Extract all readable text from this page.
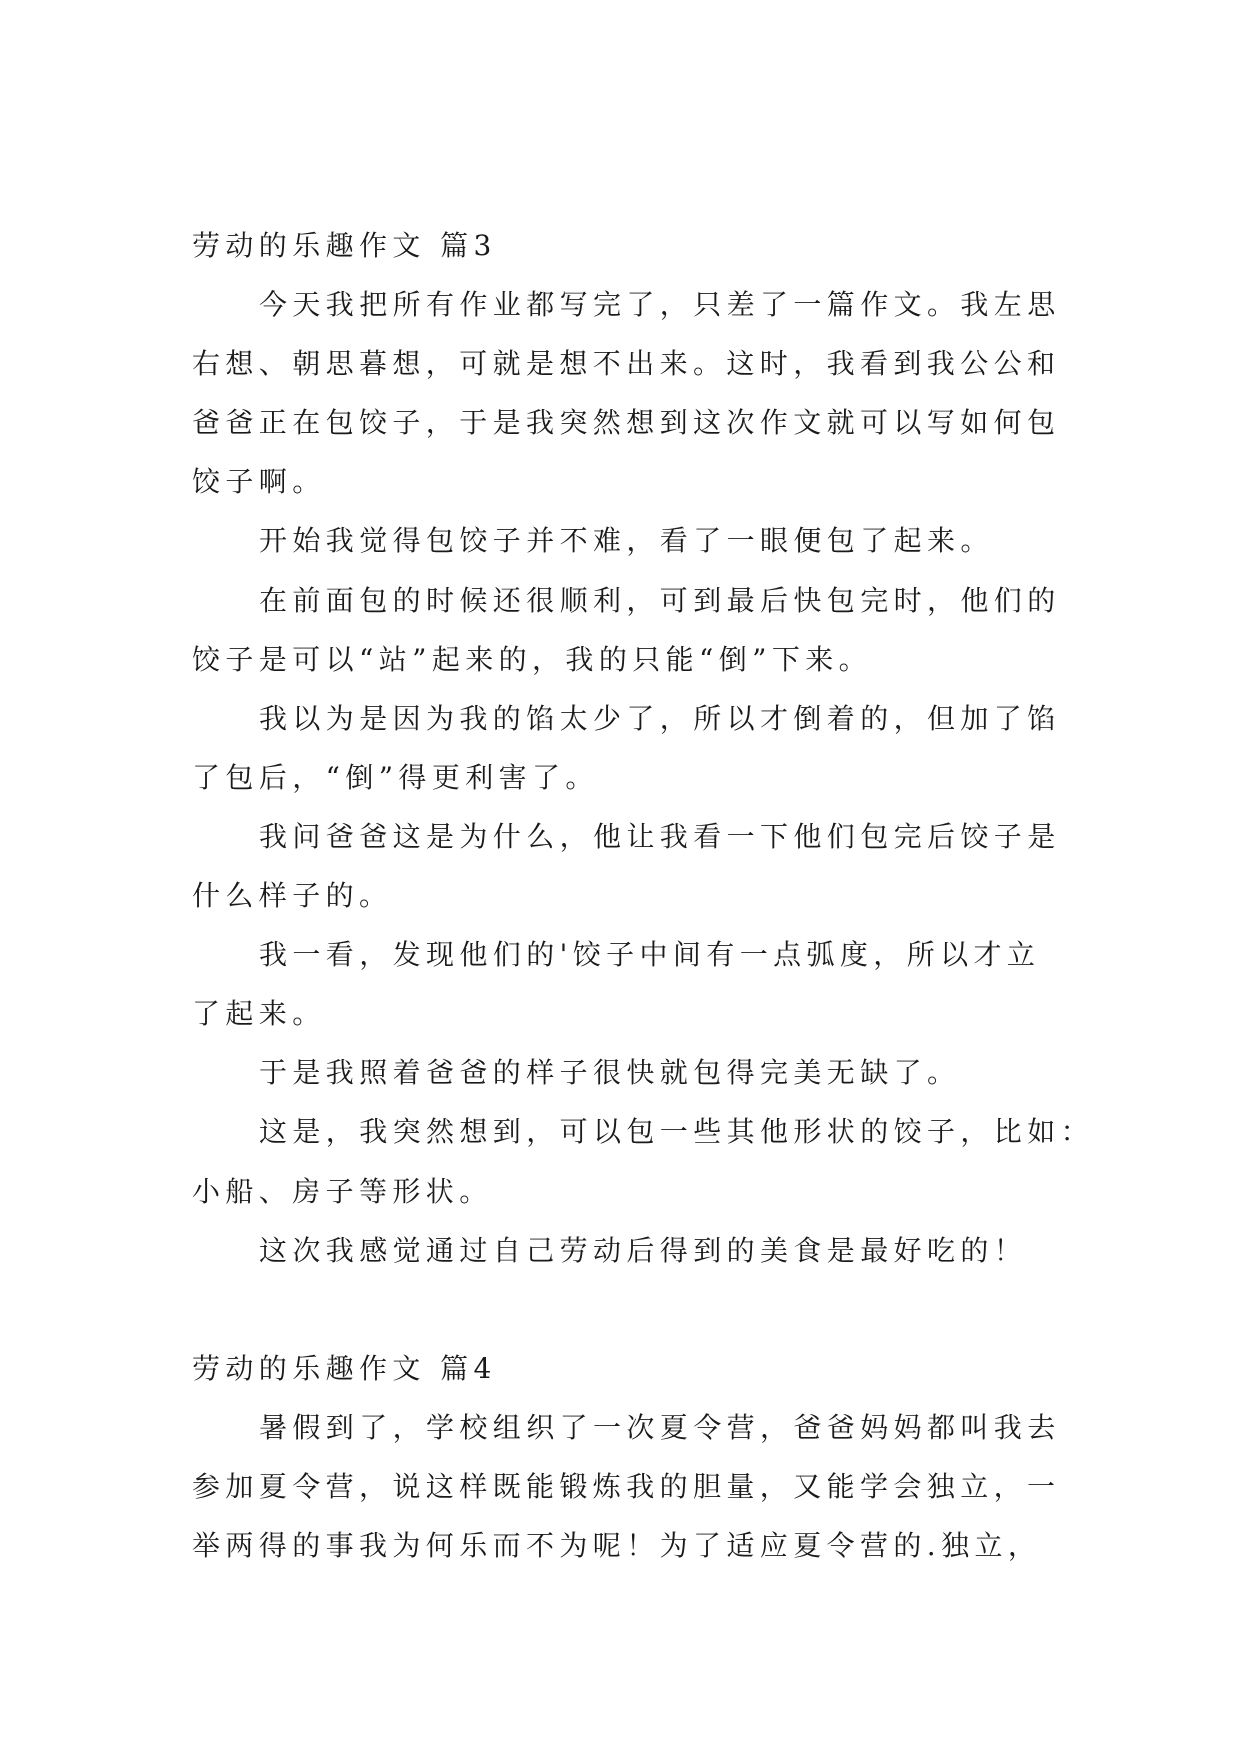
劳动的乐趣作文 篇3
今天我把所有作业都写完了，只差了一篇作文。我左思
右想、朝思暮想，可就是想不出来。这时，我看到我公公和
爸爸正在包饺子，于是我突然想到这次作文就可以写如何包
饺子啊。
开始我觉得包饺子并不难，看了一眼便包了起来。
在前面包的时候还很顺利，可到最后快包完时，他们的
饺子是可以“站”起来的，我的只能“倒”下来。
我以为是因为我的馅太少了，所以才倒着的，但加了馅
了包后，“倒”得更利害了。
我问爸爸这是为什么，他让我看一下他们包完后饺子是
什么样子的。
我一看，发现他们的'饺子中间有一点弧度，所以才立
了起来。
于是我照着爸爸的样子很快就包得完美无缺了。
这是，我突然想到，可以包一些其他形状的饺子，比如：
小船、房子等形状。
这次我感觉通过自己劳动后得到的美食是最好吃的！
劳动的乐趣作文 篇4
暑假到了，学校组织了一次夏令营，爸爸妈妈都叫我去
参加夏令营，说这样既能锻炼我的胆量，又能学会独立，一
举两得的事我为何乐而不为呢！为了适应夏令营的.独立，
